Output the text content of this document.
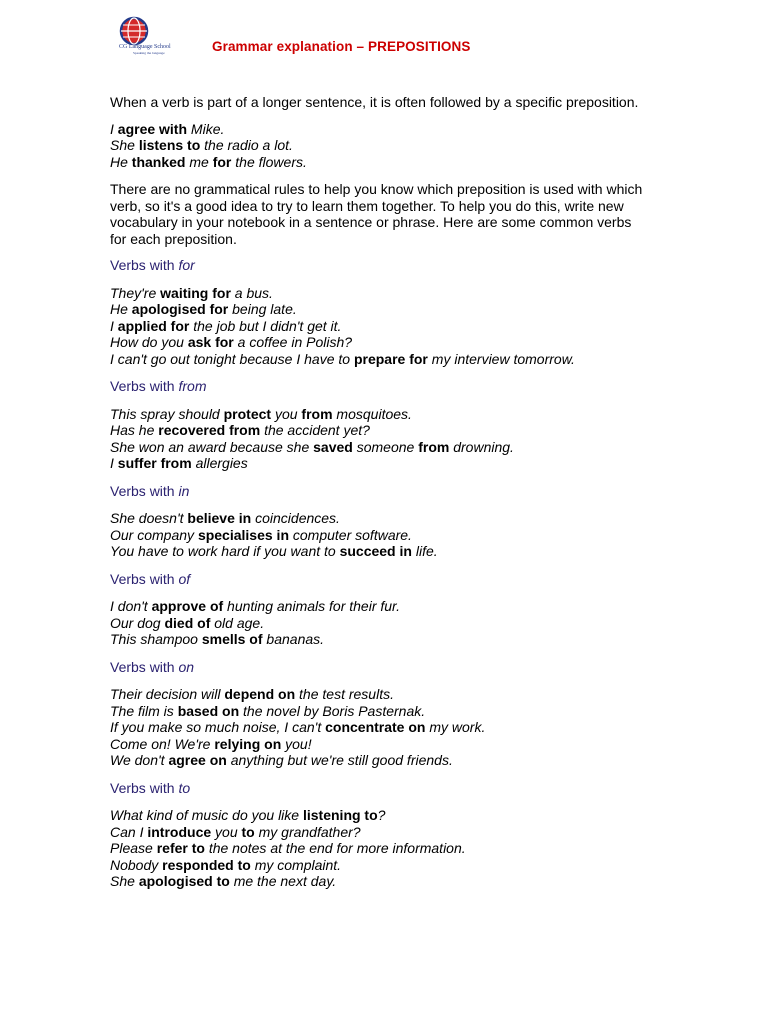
CG Language School
Speaking the language	Grammar explanation – PREPOSITIONS

When a verb is part of a longer sentence, it is often followed by a specific preposition.

I agree with Mike.
She listens to the radio a lot.
He thanked me for the flowers.

There are no grammatical rules to help you know which preposition is used with which verb, so it's a good idea to try to learn them together. To help you do this, write new vocabulary in your notebook in a sentence or phrase. Here are some common verbs for each preposition.

Verbs with for

They're waiting for a bus.
He apologised for being late.
I applied for the job but I didn't get it.
How do you ask for a coffee in Polish?
I can't go out tonight because I have to prepare for my interview tomorrow.

Verbs with from

This spray should protect you from mosquitoes.
Has he recovered from the accident yet?
She won an award because she saved someone from drowning.
I suffer from allergies

Verbs with in

She doesn't believe in coincidences.
Our company specialises in computer software.
You have to work hard if you want to succeed in life.

Verbs with of

I don't approve of hunting animals for their fur.
Our dog died of old age.
This shampoo smells of bananas.

Verbs with on

Their decision will depend on the test results.
The film is based on the novel by Boris Pasternak.
If you make so much noise, I can't concentrate on my work.
Come on! We're relying on you!
We don't agree on anything but we're still good friends.

Verbs with to

What kind of music do you like listening to?
Can I introduce you to my grandfather?
Please refer to the notes at the end for more information.
Nobody responded to my complaint.
She apologised to me the next day.
